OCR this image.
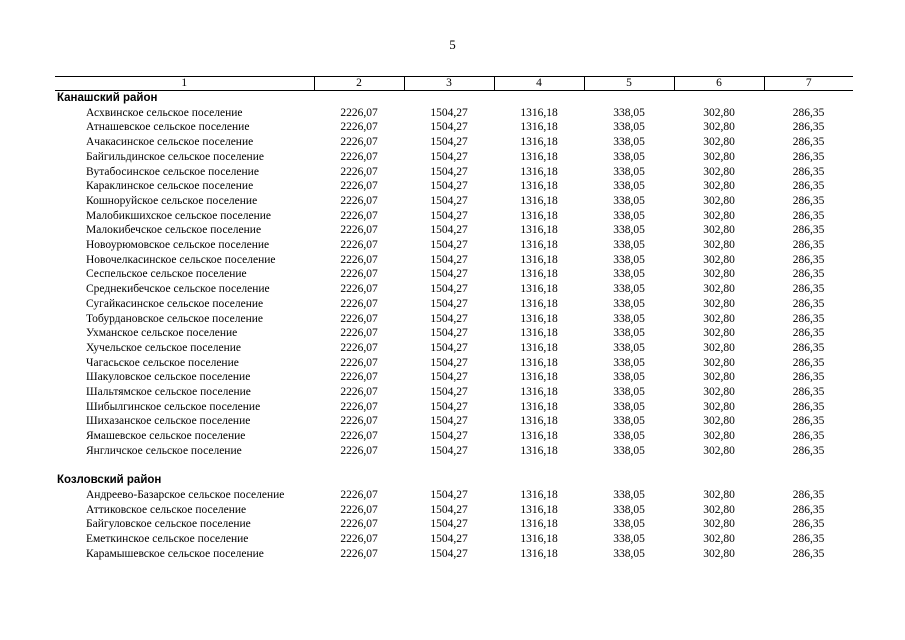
5
1	2	3	4	5	6	7
Канашский район						
Асхвинское сельское поселение	2226,07	1504,27	1316,18	338,05	302,80	286,35
Атнашевское сельское поселение	2226,07	1504,27	1316,18	338,05	302,80	286,35
Ачакасинское сельское поселение	2226,07	1504,27	1316,18	338,05	302,80	286,35
Байгильдинское сельское поселение	2226,07	1504,27	1316,18	338,05	302,80	286,35
Вутабосинское сельское поселение	2226,07	1504,27	1316,18	338,05	302,80	286,35
Караклинское сельское поселение	2226,07	1504,27	1316,18	338,05	302,80	286,35
Кошноруйское сельское поселение	2226,07	1504,27	1316,18	338,05	302,80	286,35
Малобикшихское сельское поселение	2226,07	1504,27	1316,18	338,05	302,80	286,35
Малокибечское сельское поселение	2226,07	1504,27	1316,18	338,05	302,80	286,35
Новоурюмовское сельское поселение	2226,07	1504,27	1316,18	338,05	302,80	286,35
Новочелкасинское сельское поселение	2226,07	1504,27	1316,18	338,05	302,80	286,35
Сеспельское сельское поселение	2226,07	1504,27	1316,18	338,05	302,80	286,35
Среднекибечское сельское поселение	2226,07	1504,27	1316,18	338,05	302,80	286,35
Сугайкасинское сельское поселение	2226,07	1504,27	1316,18	338,05	302,80	286,35
Тобурдановское сельское поселение	2226,07	1504,27	1316,18	338,05	302,80	286,35
Ухманское сельское поселение	2226,07	1504,27	1316,18	338,05	302,80	286,35
Хучельское сельское поселение	2226,07	1504,27	1316,18	338,05	302,80	286,35
Чагасьское сельское поселение	2226,07	1504,27	1316,18	338,05	302,80	286,35
Шакуловское сельское поселение	2226,07	1504,27	1316,18	338,05	302,80	286,35
Шальтямское сельское поселение	2226,07	1504,27	1316,18	338,05	302,80	286,35
Шибылгинское сельское поселение	2226,07	1504,27	1316,18	338,05	302,80	286,35
Шихазанское сельское поселение	2226,07	1504,27	1316,18	338,05	302,80	286,35
Ямашевское сельское поселение	2226,07	1504,27	1316,18	338,05	302,80	286,35
Янгличское сельское поселение	2226,07	1504,27	1316,18	338,05	302,80	286,35

Козловский район						
Андреево-Базарское сельское поселение	2226,07	1504,27	1316,18	338,05	302,80	286,35
Аттиковское сельское поселение	2226,07	1504,27	1316,18	338,05	302,80	286,35
Байгуловское сельское поселение	2226,07	1504,27	1316,18	338,05	302,80	286,35
Еметкинское сельское поселение	2226,07	1504,27	1316,18	338,05	302,80	286,35
Карамышевское сельское поселение	2226,07	1504,27	1316,18	338,05	302,80	286,35
